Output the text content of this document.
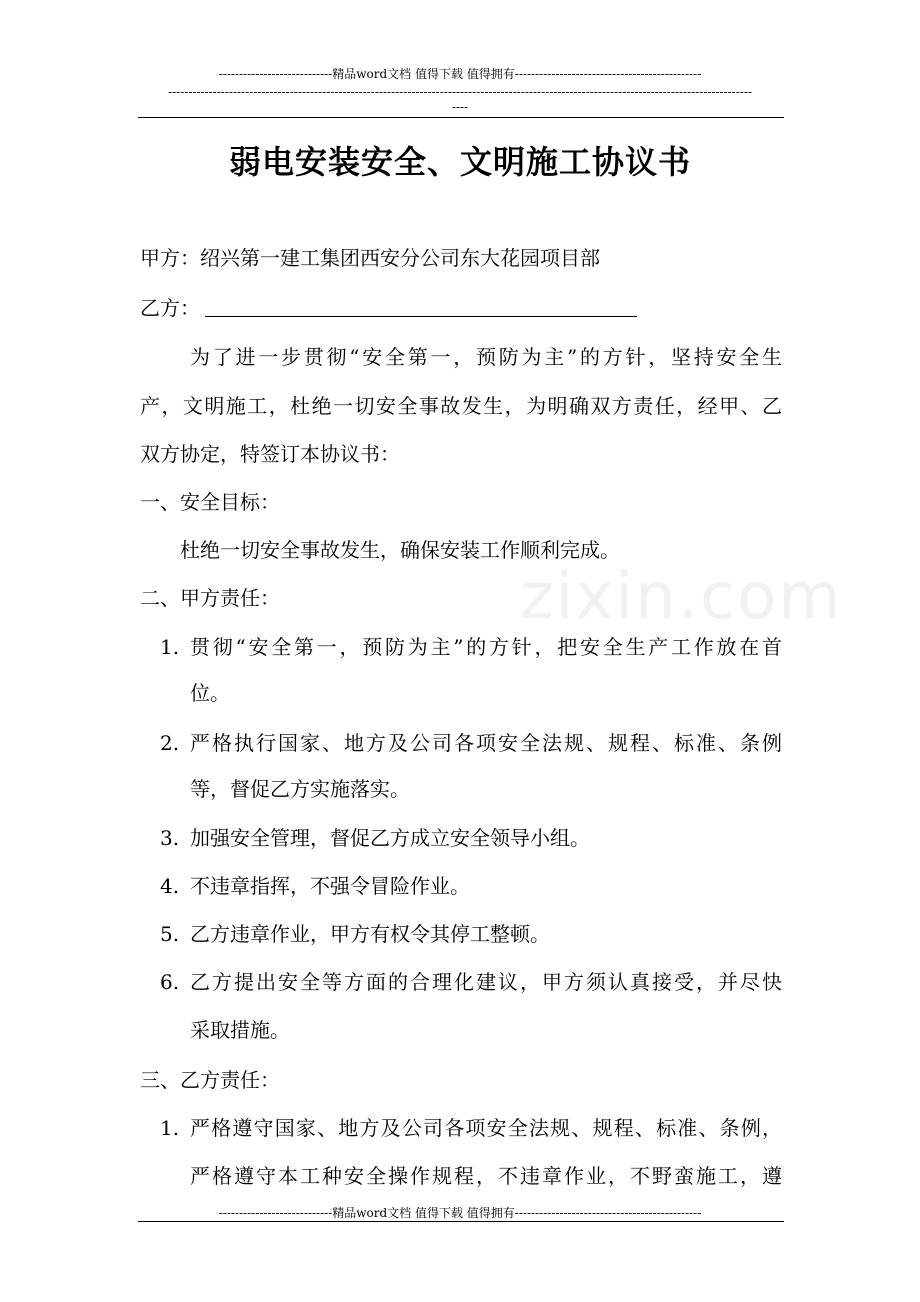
----------------------------精品word文档 值得下载 值得拥有----------------------------------------------
------------------------------------------------------------------------------------------------------------------------------------------------
----
zixin.com
弱电安装安全、文明施工协议书
甲方：绍兴第一建工集团西安分公司东大花园项目部
乙方：
为了进一步贯彻“安全第一，预防为主”的方针，坚持安全生
产，文明施工，杜绝一切安全事故发生，为明确双方责任，经甲、乙
双方协定，特签订本协议书：
一、安全目标：
杜绝一切安全事故发生，确保安装工作顺利完成。
二、甲方责任：
1. 贯彻“安全第一，预防为主”的方针，把安全生产工作放在首
位。
2. 严格执行国家、地方及公司各项安全法规、规程、标准、条例
等，督促乙方实施落实。
3. 加强安全管理，督促乙方成立安全领导小组。
4. 不违章指挥，不强令冒险作业。
5. 乙方违章作业，甲方有权令其停工整顿。
6. 乙方提出安全等方面的合理化建议，甲方须认真接受，并尽快
采取措施。
三、乙方责任：
1. 严格遵守国家、地方及公司各项安全法规、规程、标准、条例，
严格遵守本工种安全操作规程，不违章作业，不野蛮施工，遵
----------------------------精品word文档 值得下载 值得拥有----------------------------------------------
